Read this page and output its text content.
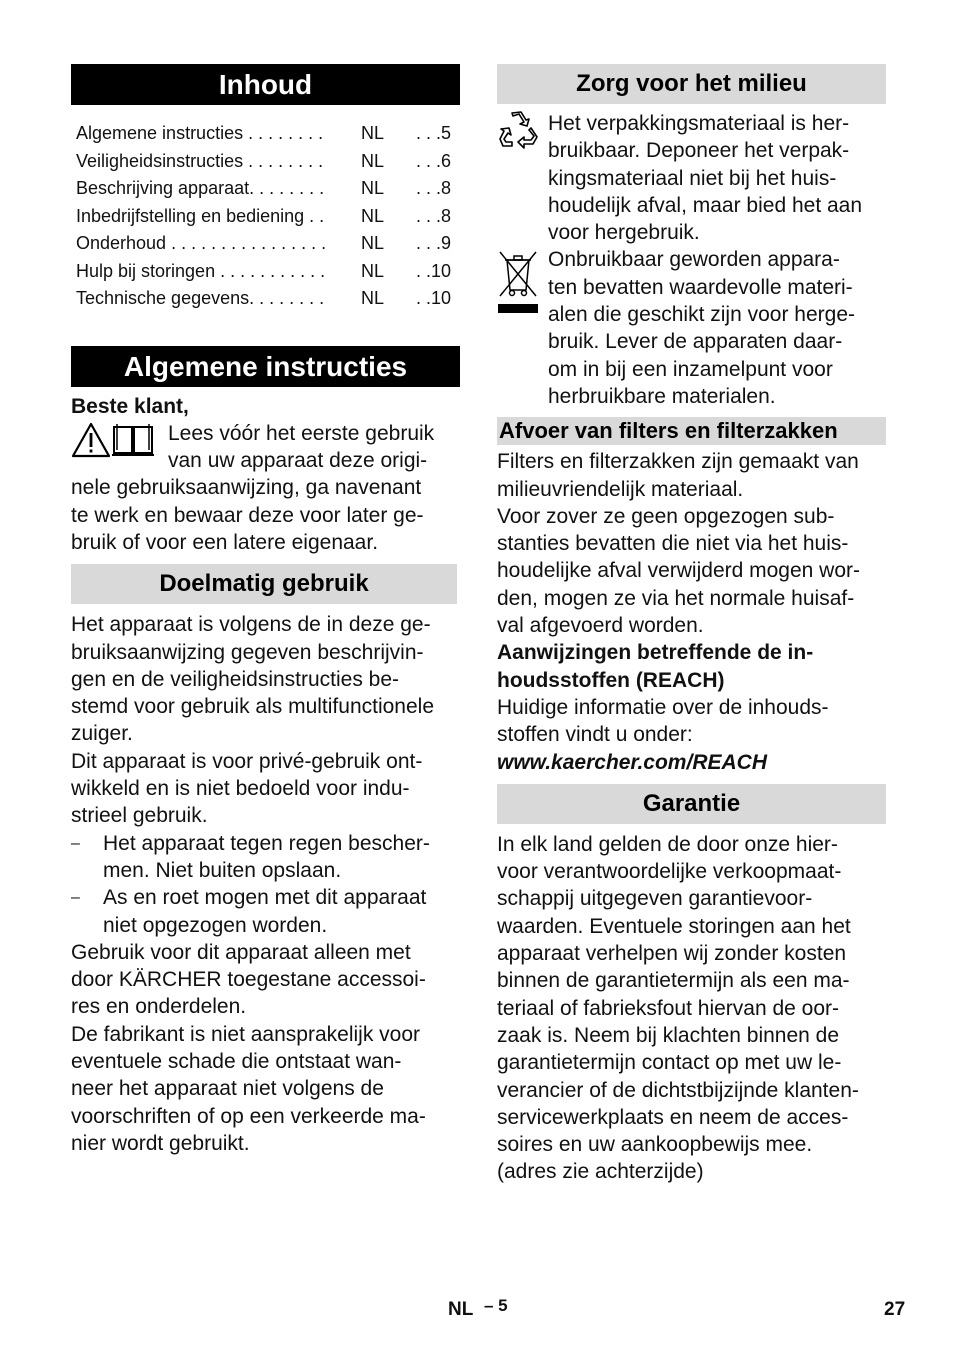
Inhoud
Algemene instructies . . . . . . . .	NL	. . .5
Veiligheidsinstructies . . . . . . . .	NL	. . .6
Beschrijving apparaat. . . . . . . .	NL	. . .8
Inbedrijfstelling en bediening . .	NL	. . .8
Onderhoud . . . . . . . . . . . . . . . .	NL	. . .9
Hulp bij storingen . . . . . . . . . . .	NL	. .10
Technische gegevens. . . . . . . .	NL	. .10
Algemene instructies

Beste klant,

Lees vóór het eerste gebruik

van uw apparaat deze origi-

nele gebruiksaanwijzing, ga navenant

te werk en bewaar deze voor later ge-

bruik of voor een latere eigenaar.

Doelmatig gebruik

Het apparaat is volgens de in deze ge-

bruiksaanwijzing gegeven beschrijvin-

gen en de veiligheidsinstructies be-

stemd voor gebruik als multifunctionele

zuiger.

Dit apparaat is voor privé-gebruik ont-

wikkeld en is niet bedoeld voor indu-

strieel gebruik.

–	Het apparaat tegen regen bescher-

men. Niet buiten opslaan.

–	As en roet mogen met dit apparaat

niet opgezogen worden.

Gebruik voor dit apparaat alleen met

door KÄRCHER toegestane accessoi-

res en onderdelen.

De fabrikant is niet aansprakelijk voor

eventuele schade die ontstaat wan-

neer het apparaat niet volgens de

voorschriften of op een verkeerde ma-

nier wordt gebruikt.

Zorg voor het milieu

Het verpakkingsmateriaal is her-

bruikbaar. Deponeer het verpak-

kingsmateriaal niet bij het huis-

houdelijk afval, maar bied het aan

voor hergebruik.

Onbruikbaar geworden appara-

ten bevatten waardevolle materi-

alen die geschikt zijn voor herge-

bruik. Lever de apparaten daar-

om in bij een inzamelpunt voor

herbruikbare materialen.

Afvoer van filters en filterzakken

Filters en filterzakken zijn gemaakt van

milieuvriendelijk materiaal.

Voor zover ze geen opgezogen sub-

stanties bevatten die niet via het huis-

houdelijke afval verwijderd mogen wor-

den, mogen ze via het normale huisaf-

val afgevoerd worden.

Aanwijzingen betreffende de in-

houdsstoffen (REACH)

Huidige informatie over de inhouds-

stoffen vindt u onder:

www.kaercher.com/REACH

Garantie

In elk land gelden de door onze hier-

voor verantwoordelijke verkoopmaat-

schappij uitgegeven garantievoor-

waarden. Eventuele storingen aan het

apparaat verhelpen wij zonder kosten

binnen de garantietermijn als een ma-

teriaal of fabrieksfout hiervan de oor-

zaak is. Neem bij klachten binnen de

garantietermijn contact op met uw le-

verancier of de dichtstbijzijnde klanten-

servicewerkplaats en neem de acces-

soires en uw aankoopbewijs mee.

(adres zie achterzijde)

NL – 5	27
